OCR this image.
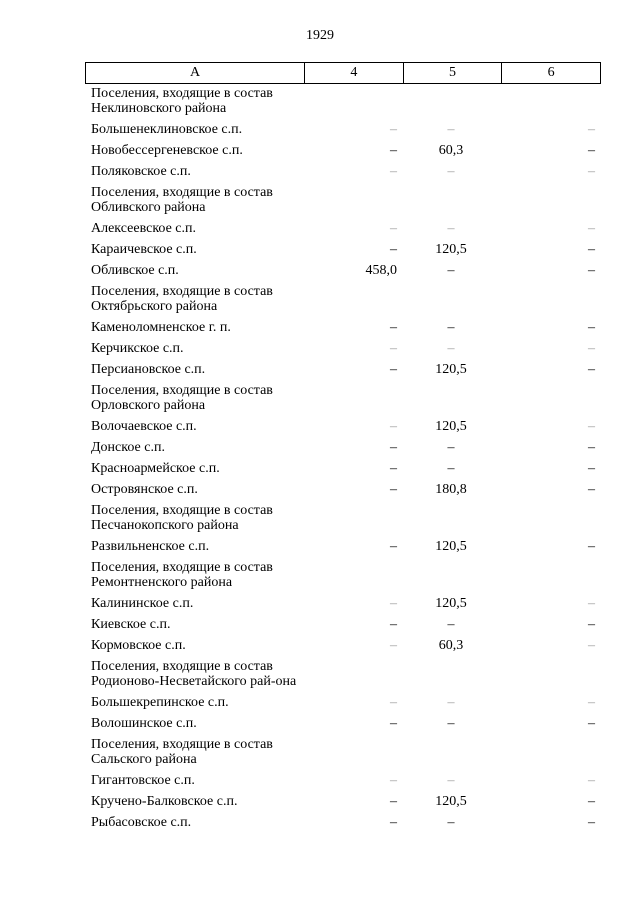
1929
А	4	5	6
Поселения, входящие в состав Неклиновского района
Большенеклиновское с.п.	–	–	–
Новобессергеневское с.п.	–	60,3	–
Поляковское с.п.	–	–	–
Поселения, входящие в состав Обливского района
Алексеевское с.п.	–	–	–
Караичевское с.п.	–	120,5	–
Обливское с.п.	458,0	–	–
Поселения, входящие в состав Октябрьского района
Каменоломненское г. п.	–	–	–
Керчикское с.п.	–	–	–
Персиановское с.п.	–	120,5	–
Поселения, входящие в состав Орловского района
Волочаевское с.п.	–	120,5	–
Донское с.п.	–	–	–
Красноармейское с.п.	–	–	–
Островянское с.п.	–	180,8	–
Поселения, входящие в состав Песчанокопского района
Развильненское с.п.	–	120,5	–
Поселения, входящие в состав Ремонтненского района
Калининское с.п.	–	120,5	–
Киевское с.п.	–	–	–
Кормовское с.п.	–	60,3	–
Поселения, входящие в состав Родионово-Несветайского рай-она
Большекрепинское с.п.	–	–	–
Волошинское с.п.	–	–	–
Поселения, входящие в состав Сальского района
Гигантовское с.п.	–	–	–
Кручено-Балковское с.п.	–	120,5	–
Рыбасовское с.п.	–	–	–
